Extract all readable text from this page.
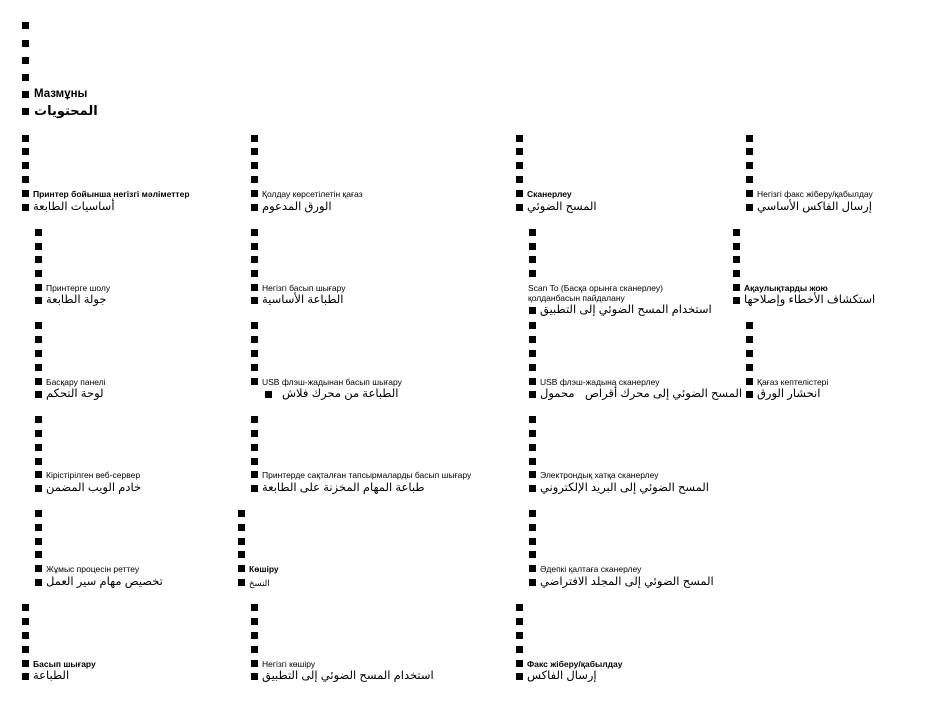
Мазмұны
المحتويات
Принтер бойынша негізгі мәліметтер
أساسيات الطابعة
Принтерге шолу
جولة الطابعة
Басқару панелі
لوحة التحكم
Кірістірілген веб-сервер
خادم الويب المضمن
Жұмыс процесін реттеу
تخصيص مهام سير العمل
Басып шығару
الطباعة
Қолдау көрсетілетін қағаз
الورق المدعوم
Негізгі басып шығару
الطباعة الأساسية
USB флэш-жадынан басып шығару
الطباعة من محرك فلاش
Принтерде сақталған тапсырмаларды басып шығару
طباعة المهام المخزنة على الطابعة
Көшіру
النسخ
Негізгі көшіру
استخدام المسح الضوئي إلى التطبيق
Сканерлеу
المسح الضوئي
Scan To (Басқа орынға сканерлеу)
қолданбасын пайдалану
استخدام المسح الضوئي إلى التطبيق
USB флэш-жадына сканерлеу
محمول المسح الضوئي إلى محرك أقراص
Электрондық хатқа сканерлеу
المسح الضوئي إلى البريد الإلكتروني
Әдепкі қалтаға сканерлеу
المسح الضوئي إلى المجلد الافتراضي
Факс жіберу/қабылдау
إرسال الفاكس
Негізгі факс жіберу/қабылдау
إرسال الفاكس الأساسي
Ақаулықтарды жою
استكشاف الأخطاء وإصلاحها
Қағаз кептелістері
انحشار الورق
